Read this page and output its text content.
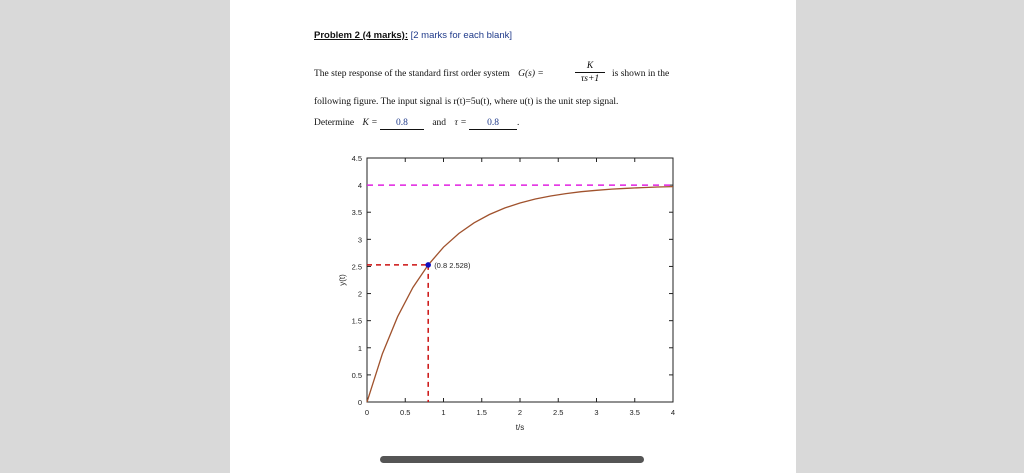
Problem 2 (4 marks): [2 marks for each blank]
The step response of the standard first order system G(s) =	$\frac{K}{\tau s+1}$ is shown in the
following figure. The input signal is r(t)=5u(t), where u(t) is the unit step signal.
Determine K = 0.8	and τ = 0.8 .
0	0.5	1	1.5	2	2.5	3	3.5	4
0
0.5
1
1.5
2
2.5
3
3.5
4
4.5
t/s
y(t)
(0.8 2.528)
